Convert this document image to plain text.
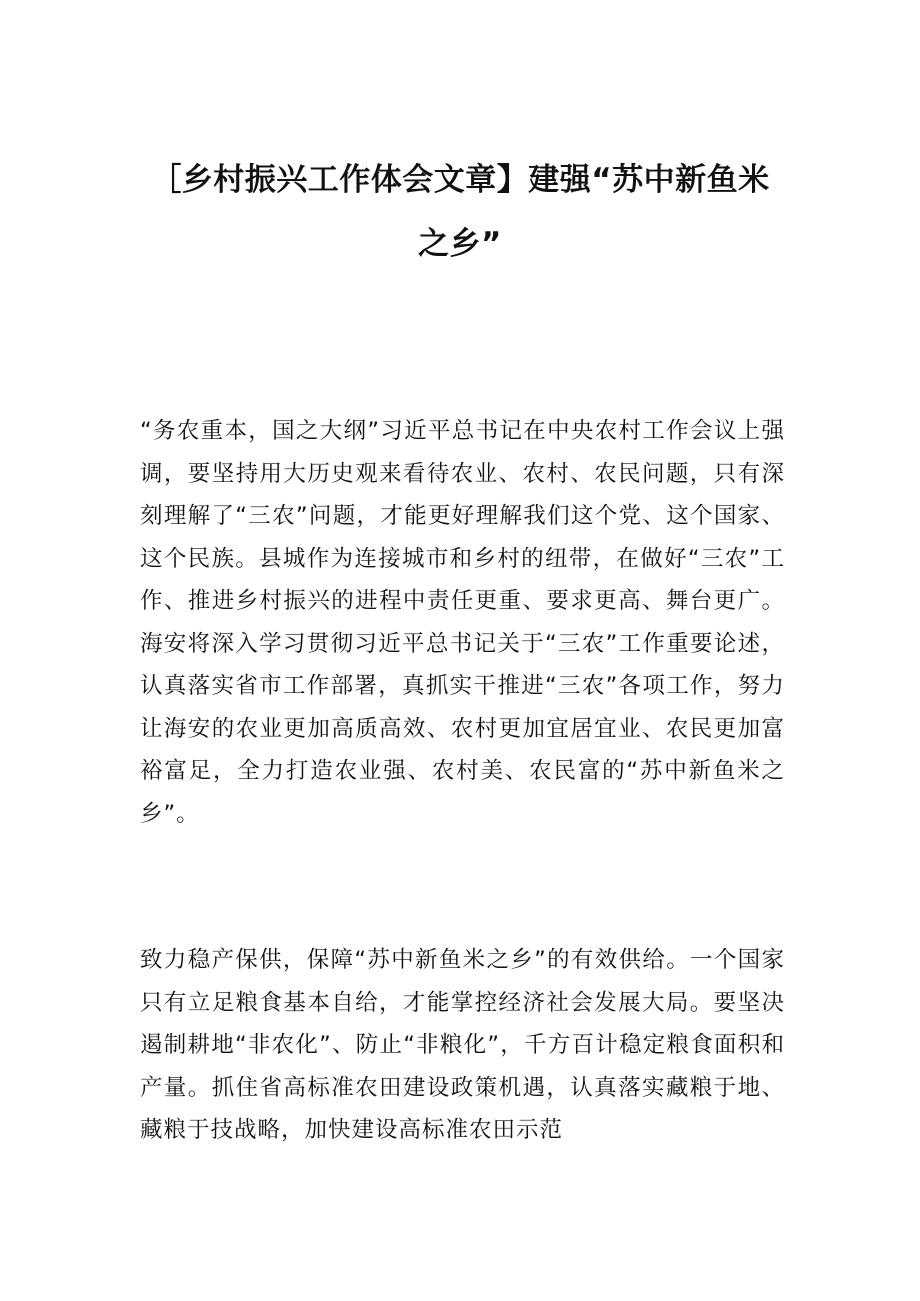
［乡村振兴工作体会文章】建强“苏中新鱼米
之乡”

“务农重本，国之大纲”习近平总书记在中央农村工作会议上强调，要坚持用大历史观来看待农业、农村、农民问题，只有深刻理解了“三农”问题，才能更好理解我们这个党、这个国家、这个民族。县城作为连接城市和乡村的纽带，在做好“三农”工作、推进乡村振兴的进程中责任更重、要求更高、舞台更广。海安将深入学习贯彻习近平总书记关于“三农”工作重要论述，认真落实省市工作部署，真抓实干推进“三农”各项工作，努力让海安的农业更加高质高效、农村更加宜居宜业、农民更加富裕富足，全力打造农业强、农村美、农民富的“苏中新鱼米之乡”。

致力稳产保供，保障“苏中新鱼米之乡”的有效供给。一个国家只有立足粮食基本自给，才能掌控经济社会发展大局。要坚决遏制耕地“非农化”、防止“非粮化”，千方百计稳定粮食面积和产量。抓住省高标准农田建设政策机遇，认真落实藏粮于地、藏粮于技战略，加快建设高标准农田示范
